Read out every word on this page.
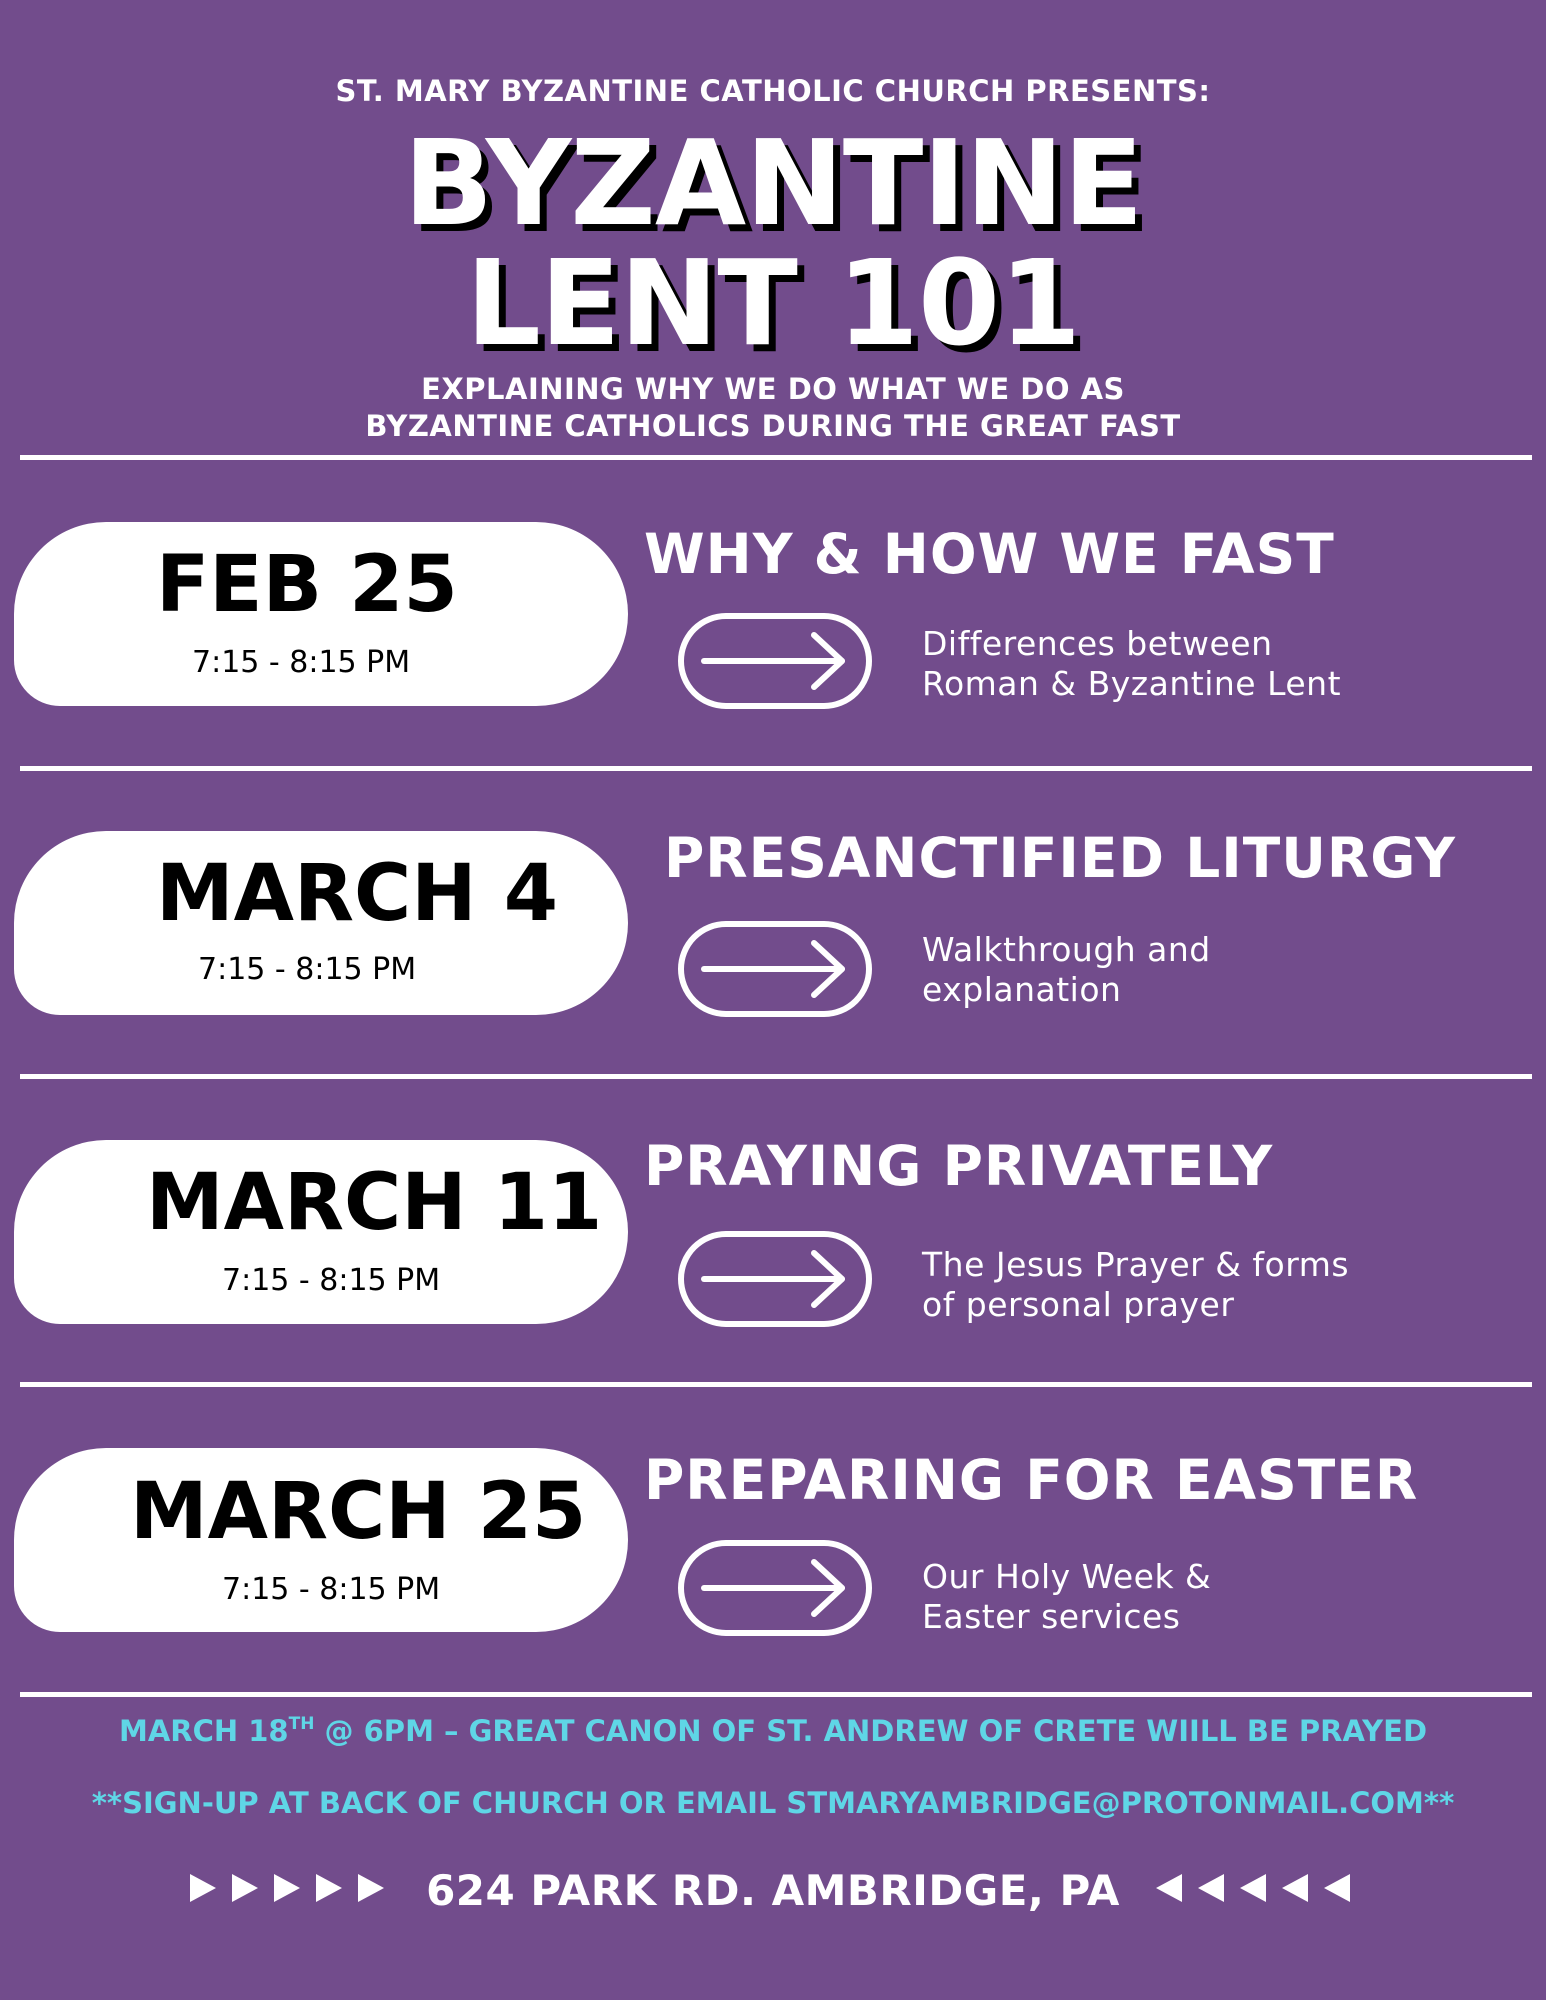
ST. MARY BYZANTINE CATHOLIC CHURCH PRESENTS:
BYZANTINE
LENT 101
EXPLAINING WHY WE DO WHAT WE DO AS
BYZANTINE CATHOLICS DURING THE GREAT FAST
FEB 25
7:15 - 8:15 PM
WHY & HOW WE FAST
Differences between
Roman & Byzantine Lent
MARCH 4
7:15 - 8:15 PM
PRESANCTIFIED LITURGY
Walkthrough and
explanation
MARCH 11
7:15 - 8:15 PM
PRAYING PRIVATELY
The Jesus Prayer & forms
of personal prayer
MARCH 25
7:15 - 8:15 PM
PREPARING FOR EASTER
Our Holy Week &
Easter services
MARCH 18TH @ 6PM – GREAT CANON OF ST. ANDREW OF CRETE WIILL BE PRAYED
**SIGN-UP AT BACK OF CHURCH OR EMAIL STMARYAMBRIDGE@PROTONMAIL.COM**
624 PARK RD. AMBRIDGE, PA
